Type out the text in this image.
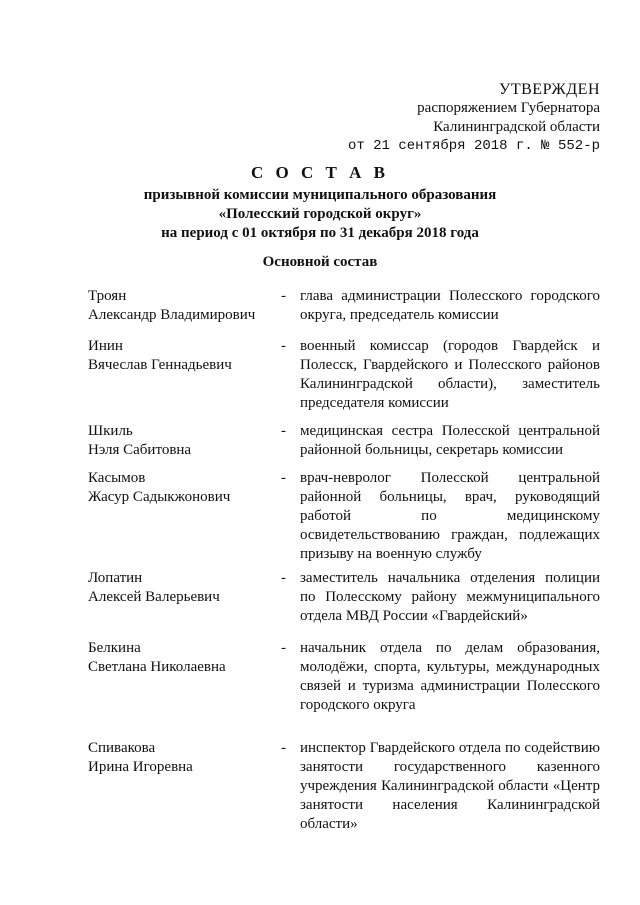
УТВЕРЖДЕН
распоряжением Губернатора
Калининградской области
от 21 сентября 2018 г. № 552-р
С О С Т А В
призывной комиссии муниципального образования
«Полесский городской округ»
на период с 01 октября по 31 декабря 2018 года
Основной состав
Троян
Александр Владимирович
- глава администрации Полесского городского округа, председатель комиссии
Инин
Вячеслав Геннадьевич
- военный комиссар (городов Гвардейск и Полесск, Гвардейского и Полесского районов Калининградской области), заместитель председателя комиссии
Шкиль
Нэля Сабитовна
- медицинская сестра Полесской центральной районной больницы, секретарь комиссии
Касымов
Жасур Садыкжонович
- врач-невролог Полесской центральной районной больницы, врач, руководящий работой по медицинскому освидетельствованию граждан, подлежащих призыву на военную службу
Лопатин
Алексей Валерьевич
- заместитель начальника отделения полиции по Полесскому району межмуниципального отдела МВД России «Гвардейский»
Белкина
Светлана Николаевна
- начальник отдела по делам образования, молодёжи, спорта, культуры, международных связей и туризма администрации Полесского городского округа
Спивакова
Ирина Игоревна
- инспектор Гвардейского отдела по содействию занятости государственного казенного учреждения Калининградской области «Центр занятости населения Калининградской области»
